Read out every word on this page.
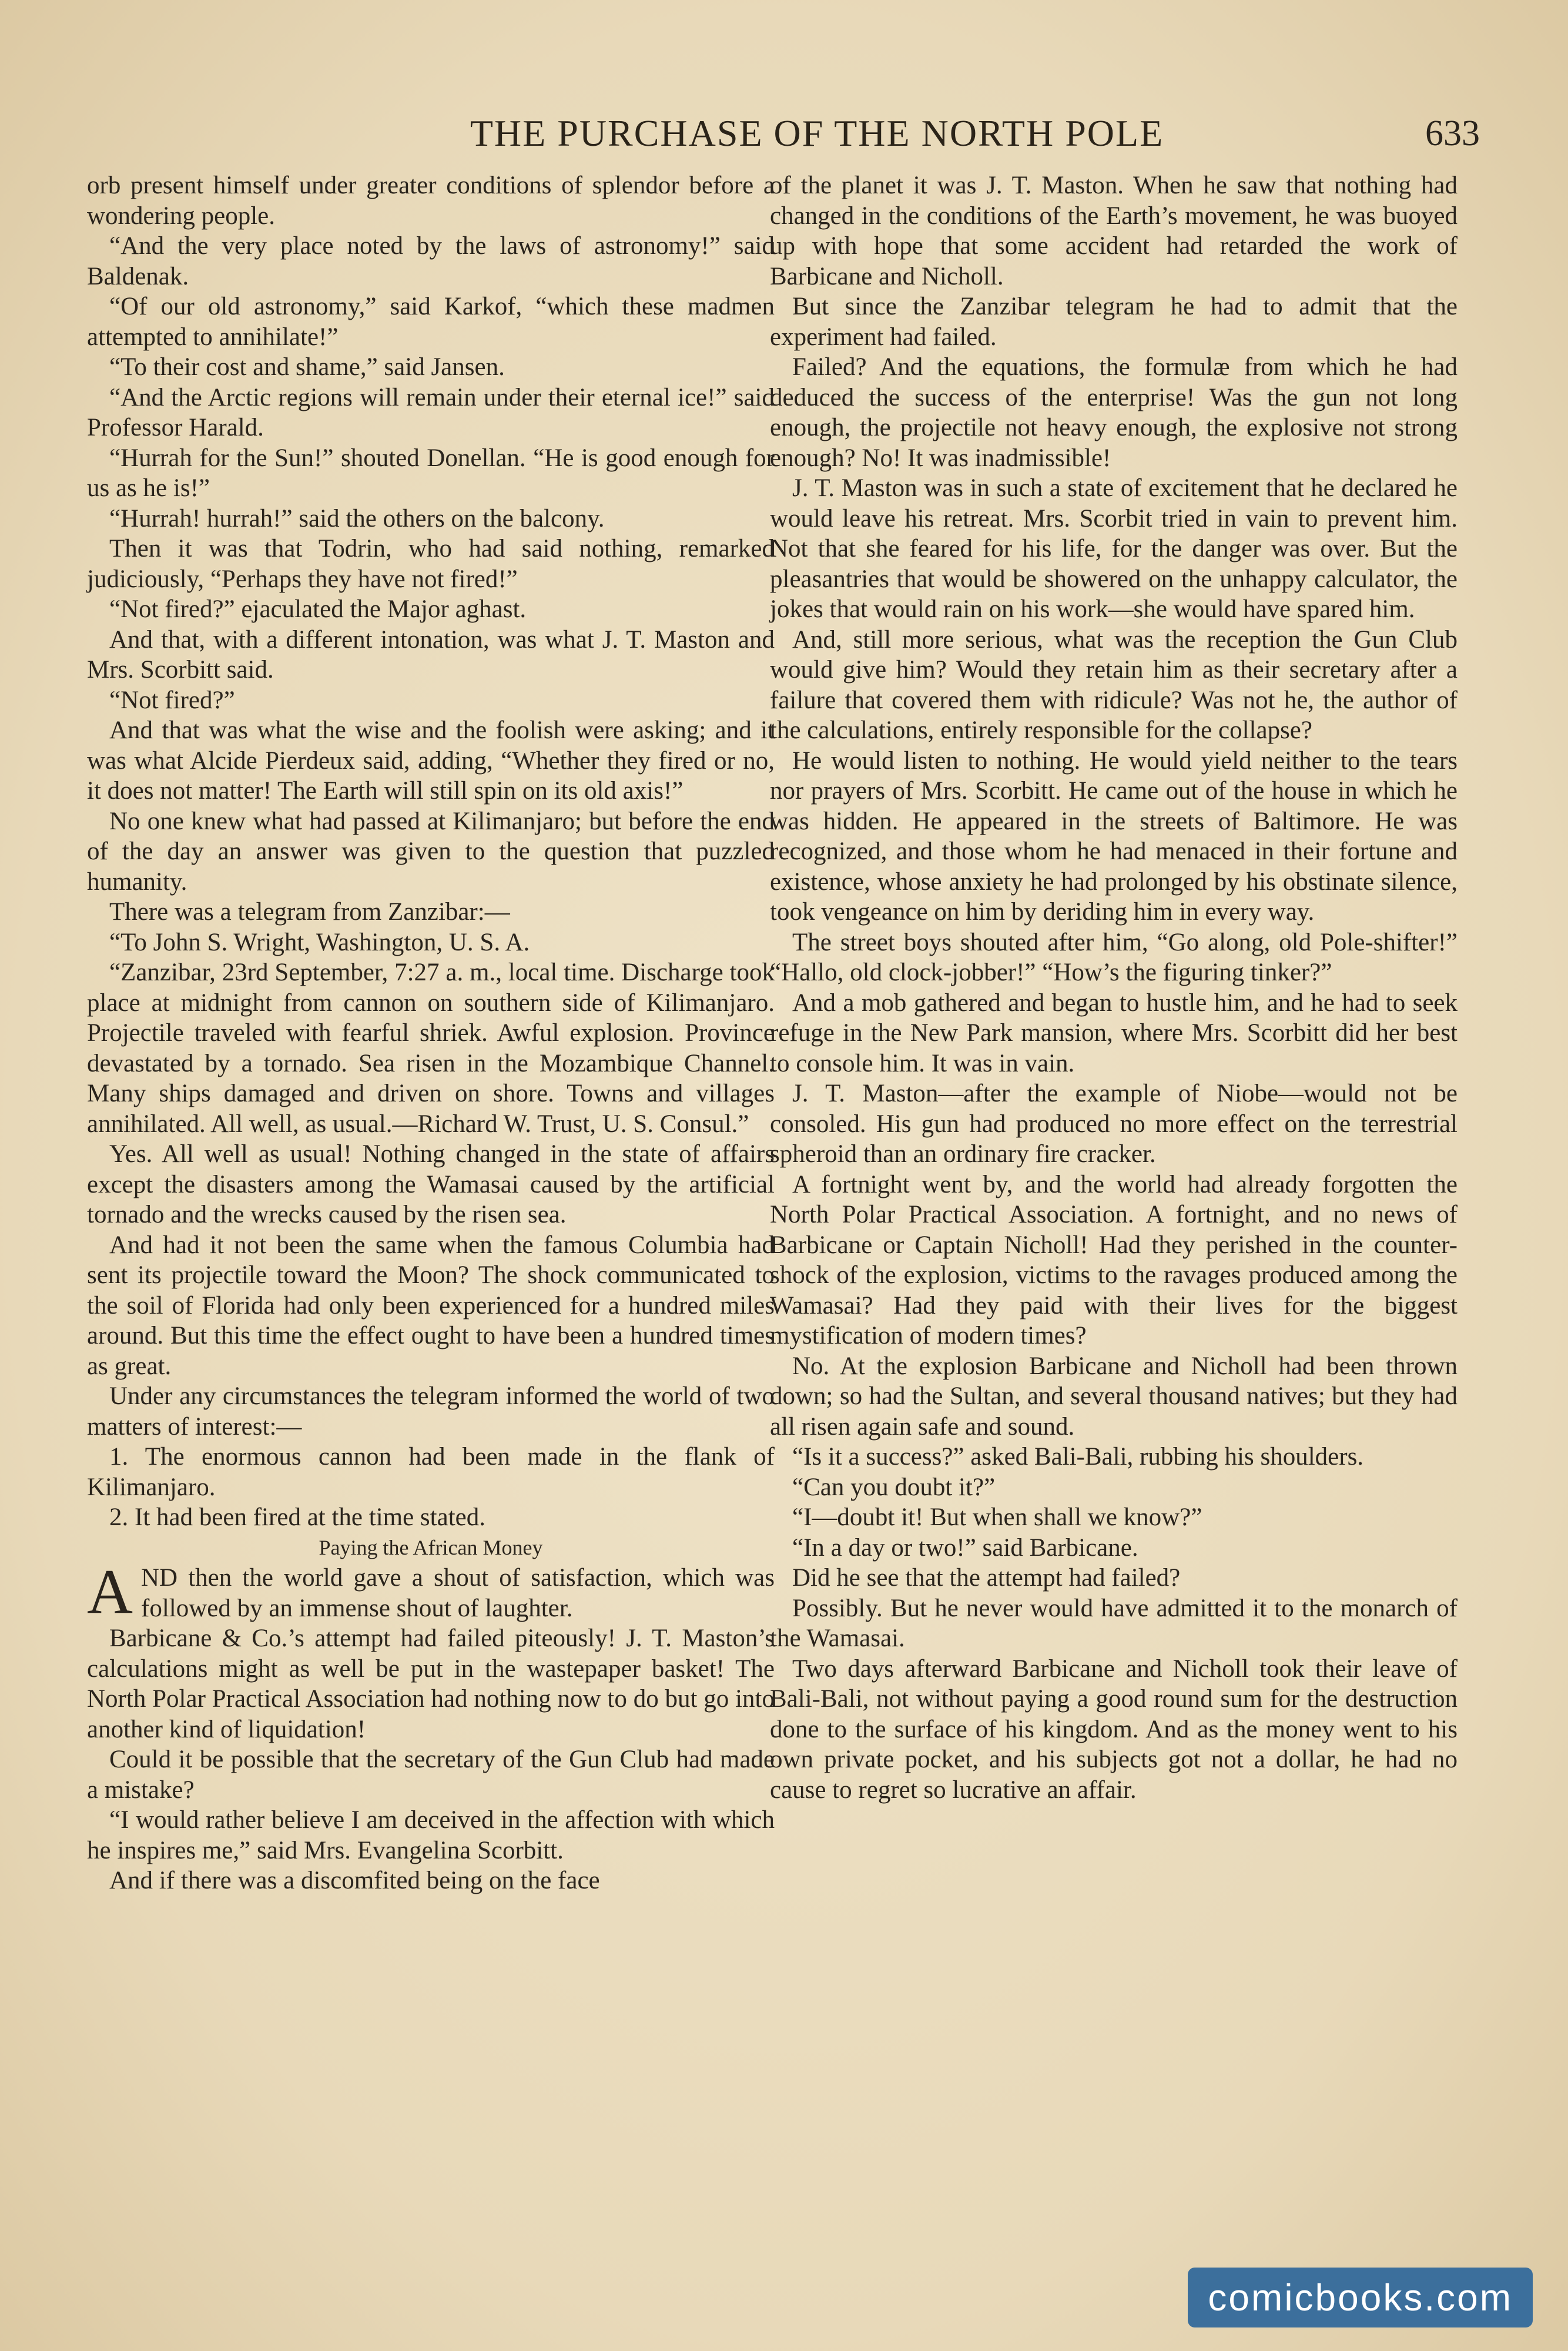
THE PURCHASE OF THE NORTH POLE	633

orb present himself under greater conditions of splendor before a wondering people.

“And the very place noted by the laws of astronomy!” said Baldenak.

“Of our old astronomy,” said Karkof, “which these madmen attempted to annihilate!”

“To their cost and shame,” said Jansen.

“And the Arctic regions will remain under their eternal ice!” said Professor Harald.

“Hurrah for the Sun!” shouted Donellan. “He is good enough for us as he is!”

“Hurrah! hurrah!” said the others on the balcony.

Then it was that Todrin, who had said nothing, remarked judiciously, “Perhaps they have not fired!”

“Not fired?” ejaculated the Major aghast.

And that, with a different intonation, was what J. T. Maston and Mrs. Scorbitt said.

“Not fired?”

And that was what the wise and the foolish were asking; and it was what Alcide Pierdeux said, adding, “Whether they fired or no, it does not matter! The Earth will still spin on its old axis!”

No one knew what had passed at Kilimanjaro; but before the end of the day an answer was given to the question that puzzled humanity.

There was a telegram from Zanzibar:—

“To John S. Wright, Washington, U. S. A.

“Zanzibar, 23rd September, 7:27 a. m., local time. Discharge took place at midnight from cannon on southern side of Kilimanjaro. Projectile traveled with fearful shriek. Awful explosion. Province devastated by a tornado. Sea risen in the Mozambique Channel. Many ships damaged and driven on shore. Towns and villages annihilated. All well, as usual.—Richard W. Trust, U. S. Consul.”

Yes. All well as usual! Nothing changed in the state of affairs except the disasters among the Wamasai caused by the artificial tornado and the wrecks caused by the risen sea.

And had it not been the same when the famous Columbia had sent its projectile toward the Moon? The shock communicated to the soil of Florida had only been experienced for a hundred miles around. But this time the effect ought to have been a hundred times as great.

Under any circumstances the telegram informed the world of two matters of interest:—

1. The enormous cannon had been made in the flank of Kilimanjaro.

2. It had been fired at the time stated.

Paying the African Money

AND then the world gave a shout of satisfaction, which was followed by an immense shout of laughter.

Barbicane & Co.’s attempt had failed piteously! J. T. Maston’s calculations might as well be put in the wastepaper basket! The North Polar Practical Association had nothing now to do but go into another kind of liquidation!

Could it be possible that the secretary of the Gun Club had made a mistake?

“I would rather believe I am deceived in the affection with which he inspires me,” said Mrs. Evangelina Scorbitt.

And if there was a discomfited being on the face

of the planet it was J. T. Maston. When he saw that nothing had changed in the conditions of the Earth’s movement, he was buoyed up with hope that some accident had retarded the work of Barbicane and Nicholl.

But since the Zanzibar telegram he had to admit that the experiment had failed.

Failed? And the equations, the formulæ from which he had deduced the success of the enterprise! Was the gun not long enough, the projectile not heavy enough, the explosive not strong enough? No! It was inadmissible!

J. T. Maston was in such a state of excitement that he declared he would leave his retreat. Mrs. Scorbit tried in vain to prevent him. Not that she feared for his life, for the danger was over. But the pleasantries that would be showered on the unhappy calculator, the jokes that would rain on his work—she would have spared him.

And, still more serious, what was the reception the Gun Club would give him? Would they retain him as their secretary after a failure that covered them with ridicule? Was not he, the author of the calculations, entirely responsible for the collapse?

He would listen to nothing. He would yield neither to the tears nor prayers of Mrs. Scorbitt. He came out of the house in which he was hidden. He appeared in the streets of Baltimore. He was recognized, and those whom he had menaced in their fortune and existence, whose anxiety he had prolonged by his obstinate silence, took vengeance on him by deriding him in every way.

The street boys shouted after him, “Go along, old Pole-shifter!” “Hallo, old clock-jobber!” “How’s the figuring tinker?”

And a mob gathered and began to hustle him, and he had to seek refuge in the New Park mansion, where Mrs. Scorbitt did her best to console him. It was in vain.

J. T. Maston—after the example of Niobe—would not be consoled. His gun had produced no more effect on the terrestrial spheroid than an ordinary fire cracker.

A fortnight went by, and the world had already forgotten the North Polar Practical Association. A fortnight, and no news of Barbicane or Captain Nicholl! Had they perished in the counter-shock of the explosion, victims to the ravages produced among the Wamasai? Had they paid with their lives for the biggest mystification of modern times?

No. At the explosion Barbicane and Nicholl had been thrown down; so had the Sultan, and several thousand natives; but they had all risen again safe and sound.

“Is it a success?” asked Bali-Bali, rubbing his shoulders.

“Can you doubt it?”

“I—doubt it! But when shall we know?”

“In a day or two!” said Barbicane.

Did he see that the attempt had failed?

Possibly. But he never would have admitted it to the monarch of the Wamasai.

Two days afterward Barbicane and Nicholl took their leave of Bali-Bali, not without paying a good round sum for the destruction done to the surface of his kingdom. And as the money went to his own private pocket, and his subjects got not a dollar, he had no cause to regret so lucrative an affair.

comicbooks.com
